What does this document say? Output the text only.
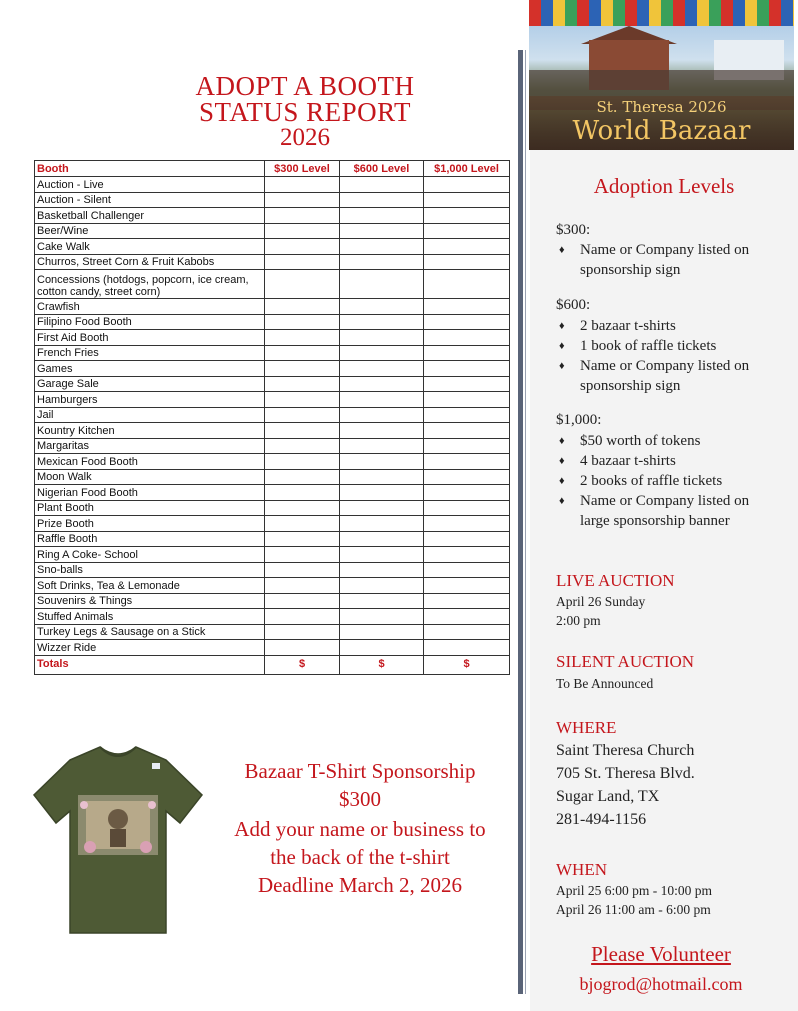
ADOPT A BOOTH
STATUS REPORT
2026
Booth	$300 Level	$600 Level	$1,000 Level
Auction - Live			
Auction - Silent			
Basketball Challenger			
Beer/Wine			
Cake Walk			
Churros, Street Corn & Fruit Kabobs			
Concessions (hotdogs, popcorn, ice cream, cotton candy, street corn)			
Crawfish			
Filipino Food Booth			
First Aid Booth			
French Fries			
Games			
Garage Sale			
Hamburgers			
Jail			
Kountry Kitchen			
Margaritas			
Mexican Food Booth			
Moon Walk			
Nigerian Food Booth			
Plant Booth			
Prize Booth			
Raffle Booth			
Ring A Coke- School			
Sno-balls			
Soft Drinks, Tea & Lemonade			
Souvenirs & Things			
Stuffed Animals			
Turkey Legs & Sausage on a Stick			
Wizzer Ride			
Totals	$	$	$
St. Theresa 2026
World Bazaar
Adoption Levels
$300:
♦ Name or Company listed on sponsorship sign
$600:
♦ 2 bazaar t-shirts
♦ 1 book of raffle tickets
♦ Name or Company listed on sponsorship sign
$1,000:
♦ $50 worth of tokens
♦ 4 bazaar t-shirts
♦ 2 books of raffle tickets
♦ Name or Company listed on large sponsorship banner
LIVE AUCTION
April 26 Sunday
2:00 pm
SILENT AUCTION
To Be Announced
WHERE
Saint Theresa Church
705 St. Theresa Blvd.
Sugar Land, TX
281-494-1156
WHEN
April 25 6:00 pm - 10:00 pm
April 26 11:00 am - 6:00 pm
Please Volunteer
bjogrod@hotmail.com
Bazaar T-Shirt Sponsorship
$300
Add your name or business to
the back of the t-shirt
Deadline March 2, 2026
